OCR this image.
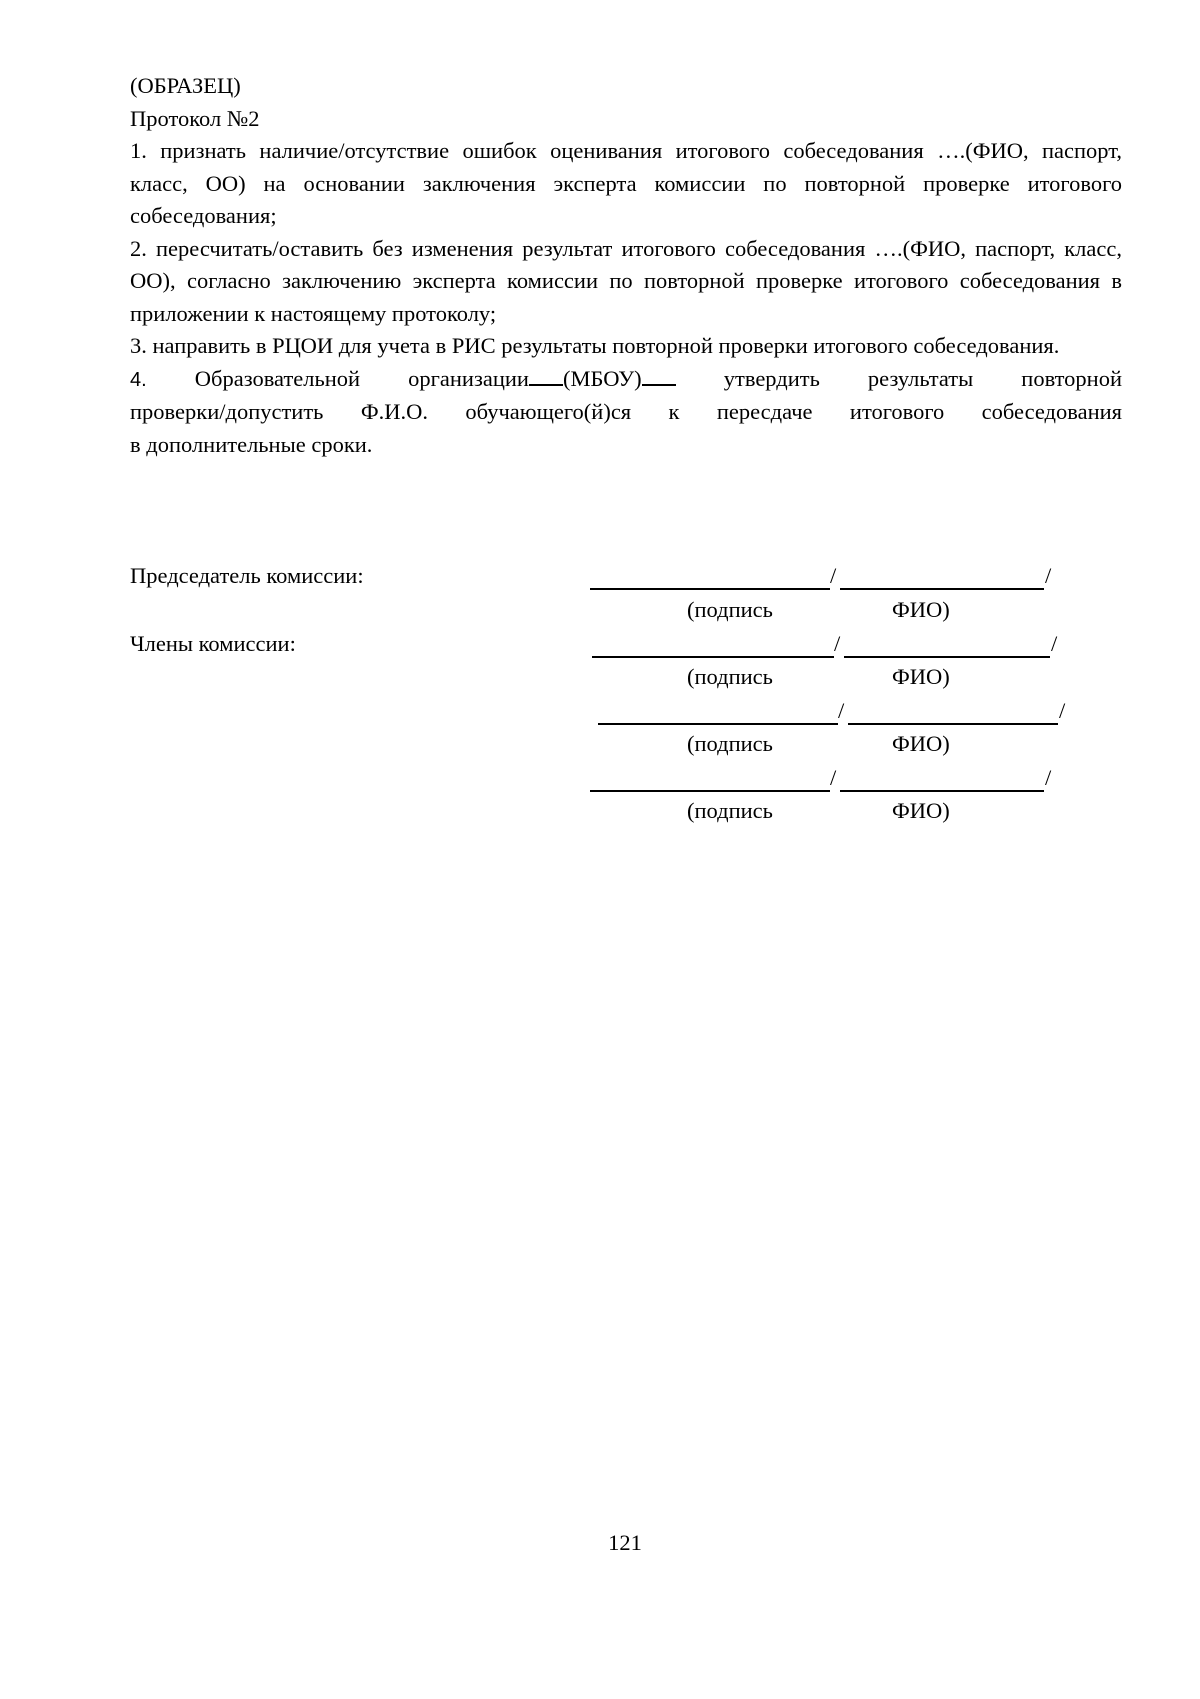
(ОБРАЗЕЦ)
Протокол №2
1. признать наличие/отсутствие ошибок оценивания итогового собеседования ….(ФИО, паспорт, класс, ОО) на основании заключения эксперта комиссии по повторной проверке итогового собеседования;
2. пересчитать/оставить без изменения результат итогового собеседования ….(ФИО, паспорт, класс, ОО), согласно заключению эксперта комиссии по повторной проверке итогового собеседования в приложении к настоящему протоколу;
3. направить в РЦОИ для учета в РИС результаты повторной проверки итогового собеседования.
4. Образовательной организации (МБОУ)	утвердить результаты повторной
проверки/допустить Ф.И.О. обучающего(й)ся к пересдаче итогового собеседования
в дополнительные сроки.
Председатель комиссии:	/	/
(подпись	ФИО)
Члены комиссии:	/	/
(подпись	ФИО)
/	/
(подпись	ФИО)
/	/
(подпись	ФИО)
121
